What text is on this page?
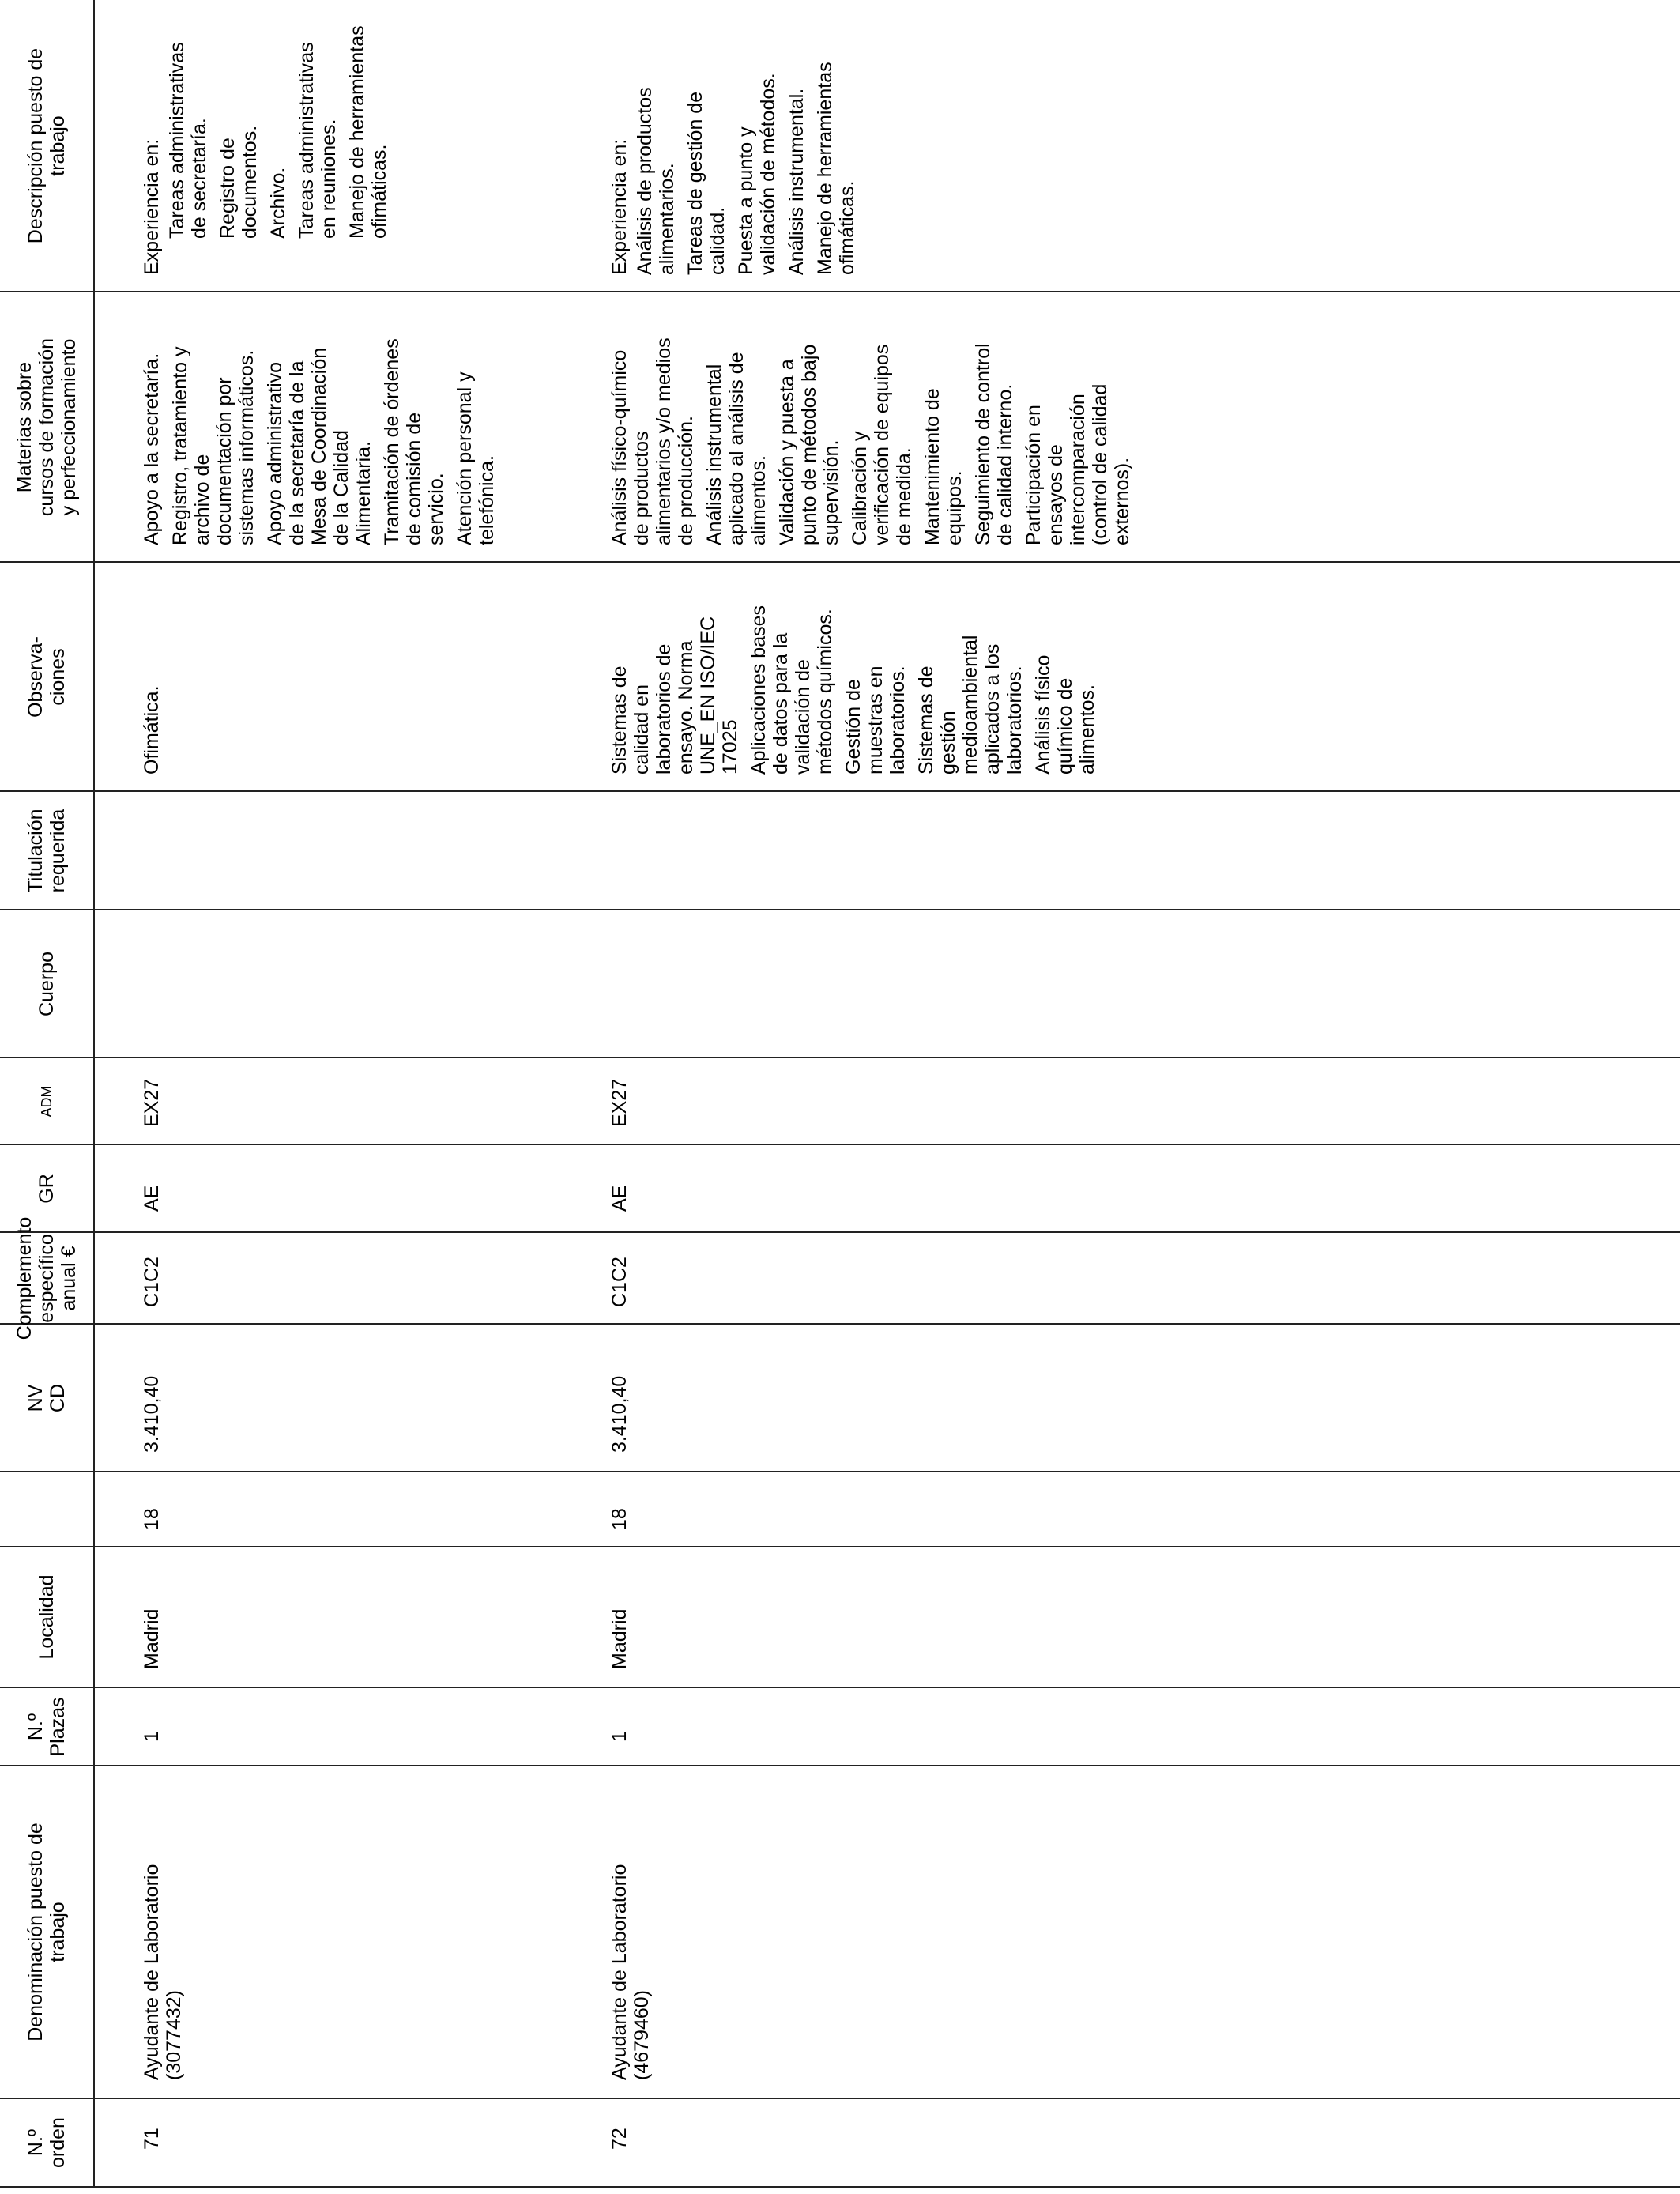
N.º
orden
Denominación puesto de
trabajo
N.º
Plazas
Localidad
NV
CD
Complemento
específico
anual €
GR
ADM
Cuerpo
Titulación
requerida
Observa-
ciones
Materias sobre
cursos de formación
y perfeccionamiento
Descripción puesto de
trabajo
71
Ayudante de Laboratorio
(3077432)
1
Madrid
18
3.410,40
C1C2
AE
EX27

Ofimática.

Apoyo a la secretaría. Registro, tratamiento y
archivo de
documentación por
sistemas informáticos.

Apoyo administrativo
de la secretaría de la
Mesa de Coordinación
de la Calidad
Alimentaria. Tramitación de órdenes
de comisión de
servicio. Atención personal y
telefónica.

Experiencia en: Tareas administrativas
de secretaría. Registro de
documentos. Archivo. Tareas administrativas
en reuniones. Manejo de herramientas
ofimáticas.

72
Ayudante de Laboratorio
(4679460)
1
Madrid
18
3.410,40
C1C2
AE
EX27

Sistemas de
calidad en
laboratorios de
ensayo. Norma
UNE_EN ISO/IEC
17025 Aplicaciones bases
de datos para la
validación de
métodos químicos.

Gestión de
muestras en
laboratorios. Sistemas de
gestión
medioambiental
aplicados a los
laboratorios. Análisis físico
químico de
alimentos.

Análisis físico-químico
de productos
alimentarios y/o medios
de producción. Análisis instrumental
aplicado al análisis de
alimentos. Validación y puesta a
punto de métodos bajo
supervisión. Calibración y
verificación de equipos
de medida. Mantenimiento de
equipos. Seguimiento de control
de calidad interno.

Participación en
ensayos de
intercomparación
(control de calidad
externos).

Experiencia en: Análisis de productos
alimentarios. Tareas de gestión de
calidad. Puesta a punto y
validación de métodos. Análisis instrumental. Manejo de herramientas
ofimáticas.
